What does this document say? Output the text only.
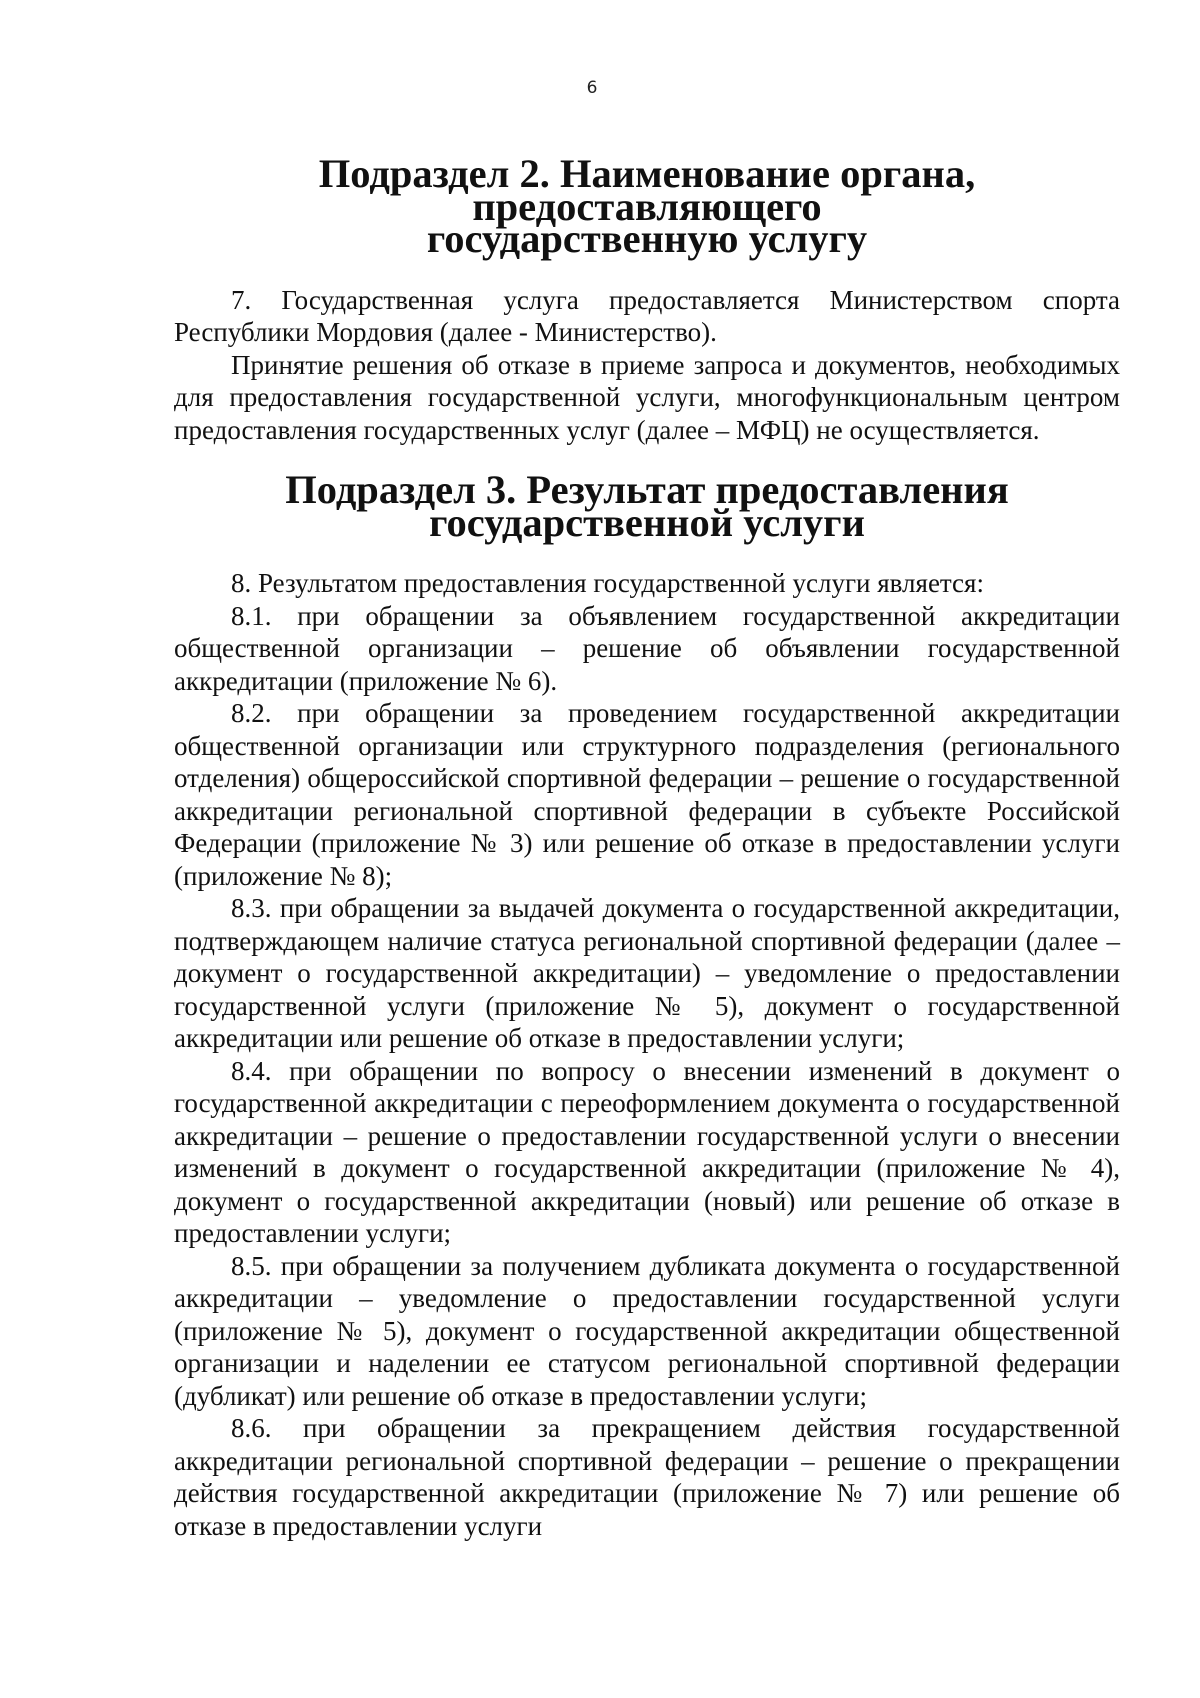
6
Подраздел 2. Наименование органа, предоставляющего
государственную услугу

7. Государственная услуга предоставляется Министерством спорта Республики Мордовия (далее - Министерство).

Принятие решения об отказе в приеме запроса и документов, необходимых для предоставления государственной услуги, многофункциональным центром предоставления государственных услуг (далее – МФЦ) не осуществляется.

Подраздел 3. Результат предоставления государственной услуги

8. Результатом предоставления государственной услуги является:

8.1. при обращении за объявлением государственной аккредитации общественной организации – решение об объявлении государственной аккредитации (приложение № 6).

8.2. при обращении за проведением государственной аккредитации общественной организации или структурного подразделения (регионального отделения) общероссийской спортивной федерации – решение о государственной аккредитации региональной спортивной федерации в субъекте Российской Федерации (приложение № 3) или решение об отказе в предоставлении услуги (приложение № 8);

8.3. при обращении за выдачей документа о государственной аккредитации, подтверждающем наличие статуса региональной спортивной федерации (далее – документ о государственной аккредитации) – уведомление о предоставлении государственной услуги (приложение № 5), документ о государственной аккредитации или решение об отказе в предоставлении услуги;

8.4. при обращении по вопросу о внесении изменений в документ о государственной аккредитации с переоформлением документа о государственной аккредитации – решение о предоставлении государственной услуги о внесении изменений в документ о государственной аккредитации (приложение № 4), документ о государственной аккредитации (новый) или решение об отказе в предоставлении услуги;

8.5. при обращении за получением дубликата документа о государственной аккредитации – уведомление о предоставлении государственной услуги (приложение № 5), документ о государственной аккредитации общественной организации и наделении ее статусом региональной спортивной федерации (дубликат) или решение об отказе в предоставлении услуги;

8.6. при обращении за прекращением действия государственной аккредитации региональной спортивной федерации – решение о прекращении действия государственной аккредитации (приложение № 7) или решение об отказе в предоставлении услуги
